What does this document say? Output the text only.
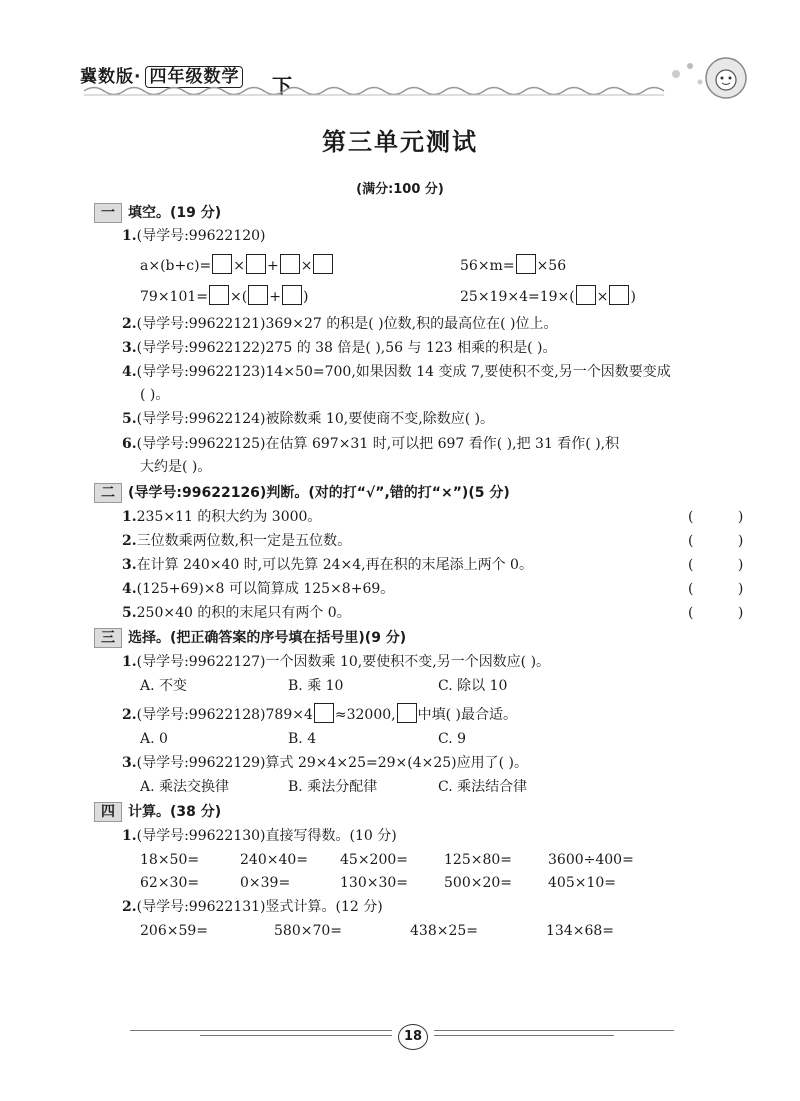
冀数版· 四年级数学 下
第三单元测试
(满分:100 分)
一 填空。(19 分)
1.(导学号:99622120)
a×(b+c)= × + ×	56×m= ×56
79×101= ×( + )	25×19×4=19×( × )
2.(导学号:99622121)369×27 的积是( )位数,积的最高位在( )位上。
3.(导学号:99622122)275 的 38 倍是( ),56 与 123 相乘的积是( )。
4.(导学号:99622123)14×50=700,如果因数 14 变成 7,要使积不变,另一个因数要变成
( )。
5.(导学号:99622124)被除数乘 10,要使商不变,除数应( )。
6.(导学号:99622125)在估算 697×31 时,可以把 697 看作( ),把 31 看作( ),积
大约是( )。
二 (导学号:99622126)判断。(对的打“√”,错的打“×”)(5 分)
1.235×11 的积大约为 3000。	( )
2.三位数乘两位数,积一定是五位数。	( )
3.在计算 240×40 时,可以先算 24×4,再在积的末尾添上两个 0。	( )
4.(125+69)×8 可以简算成 125×8+69。	( )
5.250×40 的积的末尾只有两个 0。	( )
三 选择。(把正确答案的序号填在括号里)(9 分)
1.(导学号:99622127)一个因数乘 10,要使积不变,另一个因数应( )。
A. 不变	B. 乘 10	C. 除以 10
2.(导学号:99622128)789×4 ≈32000, 中填( )最合适。
A. 0	B. 4	C. 9
3.(导学号:99622129)算式 29×4×25=29×(4×25)应用了( )。
A. 乘法交换律	B. 乘法分配律	C. 乘法结合律
四 计算。(38 分)
1.(导学号:99622130)直接写得数。(10 分)
18×50=	240×40= 45×200=	125×80=	3600÷400=
62×30=	0×39=	130×30=	500×20=	405×10=
2.(导学号:99622131)竖式计算。(12 分)
206×59=	580×70=	438×25=	134×68=
18
